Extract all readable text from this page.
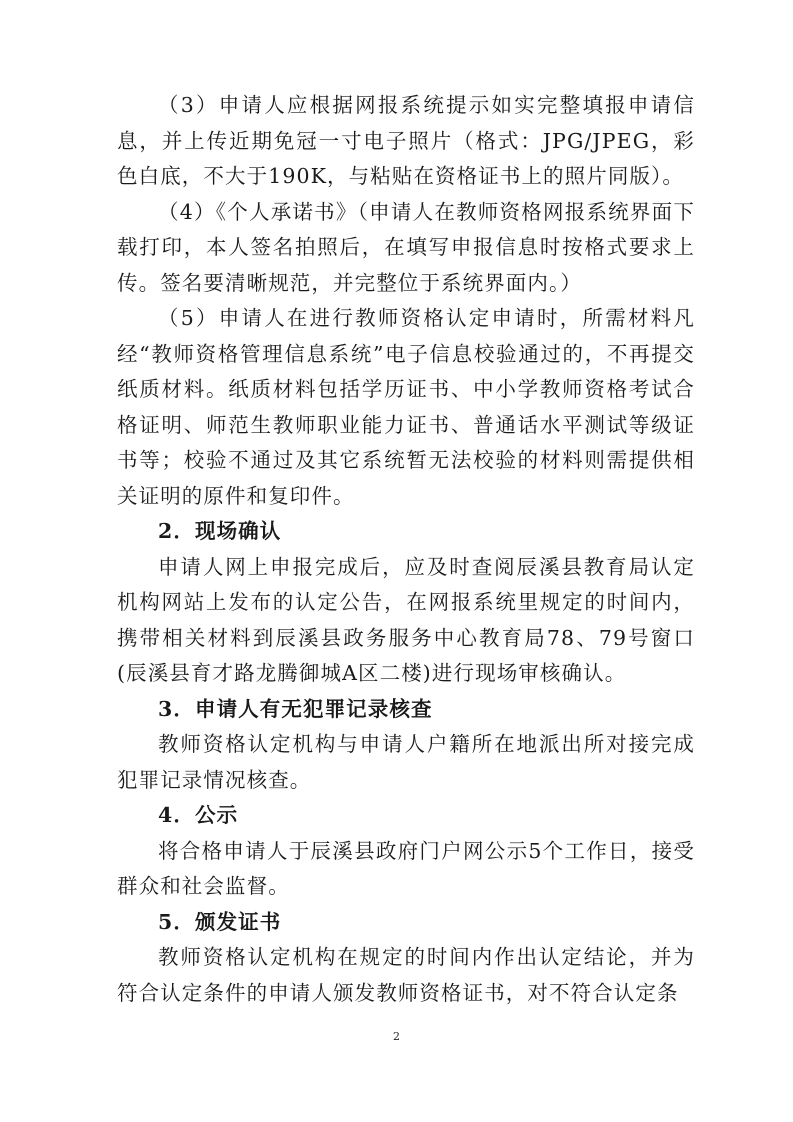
（3）申请人应根据网报系统提示如实完整填报申请信息，并上传近期免冠一寸电子照片（格式：JPG/JPEG，彩色白底，不大于190K，与粘贴在资格证书上的照片同版）。

（4）《个人承诺书》（申请人在教师资格网报系统界面下载打印，本人签名拍照后，在填写申报信息时按格式要求上传。签名要清晰规范，并完整位于系统界面内。）

（5）申请人在进行教师资格认定申请时，所需材料凡经“教师资格管理信息系统”电子信息校验通过的，不再提交纸质材料。纸质材料包括学历证书、中小学教师资格考试合格证明、师范生教师职业能力证书、普通话水平测试等级证书等；校验不通过及其它系统暂无法校验的材料则需提供相关证明的原件和复印件。

2．现场确认

申请人网上申报完成后，应及时查阅辰溪县教育局认定机构网站上发布的认定公告，在网报系统里规定的时间内，携带相关材料到辰溪县政务服务中心教育局78、79号窗口(辰溪县育才路龙腾御城A区二楼)进行现场审核确认。

3．申请人有无犯罪记录核查

教师资格认定机构与申请人户籍所在地派出所对接完成犯罪记录情况核查。

4．公示

将合格申请人于辰溪县政府门户网公示5个工作日，接受群众和社会监督。

5．颁发证书

教师资格认定机构在规定的时间内作出认定结论，并为符合认定条件的申请人颁发教师资格证书，对不符合认定条

2
